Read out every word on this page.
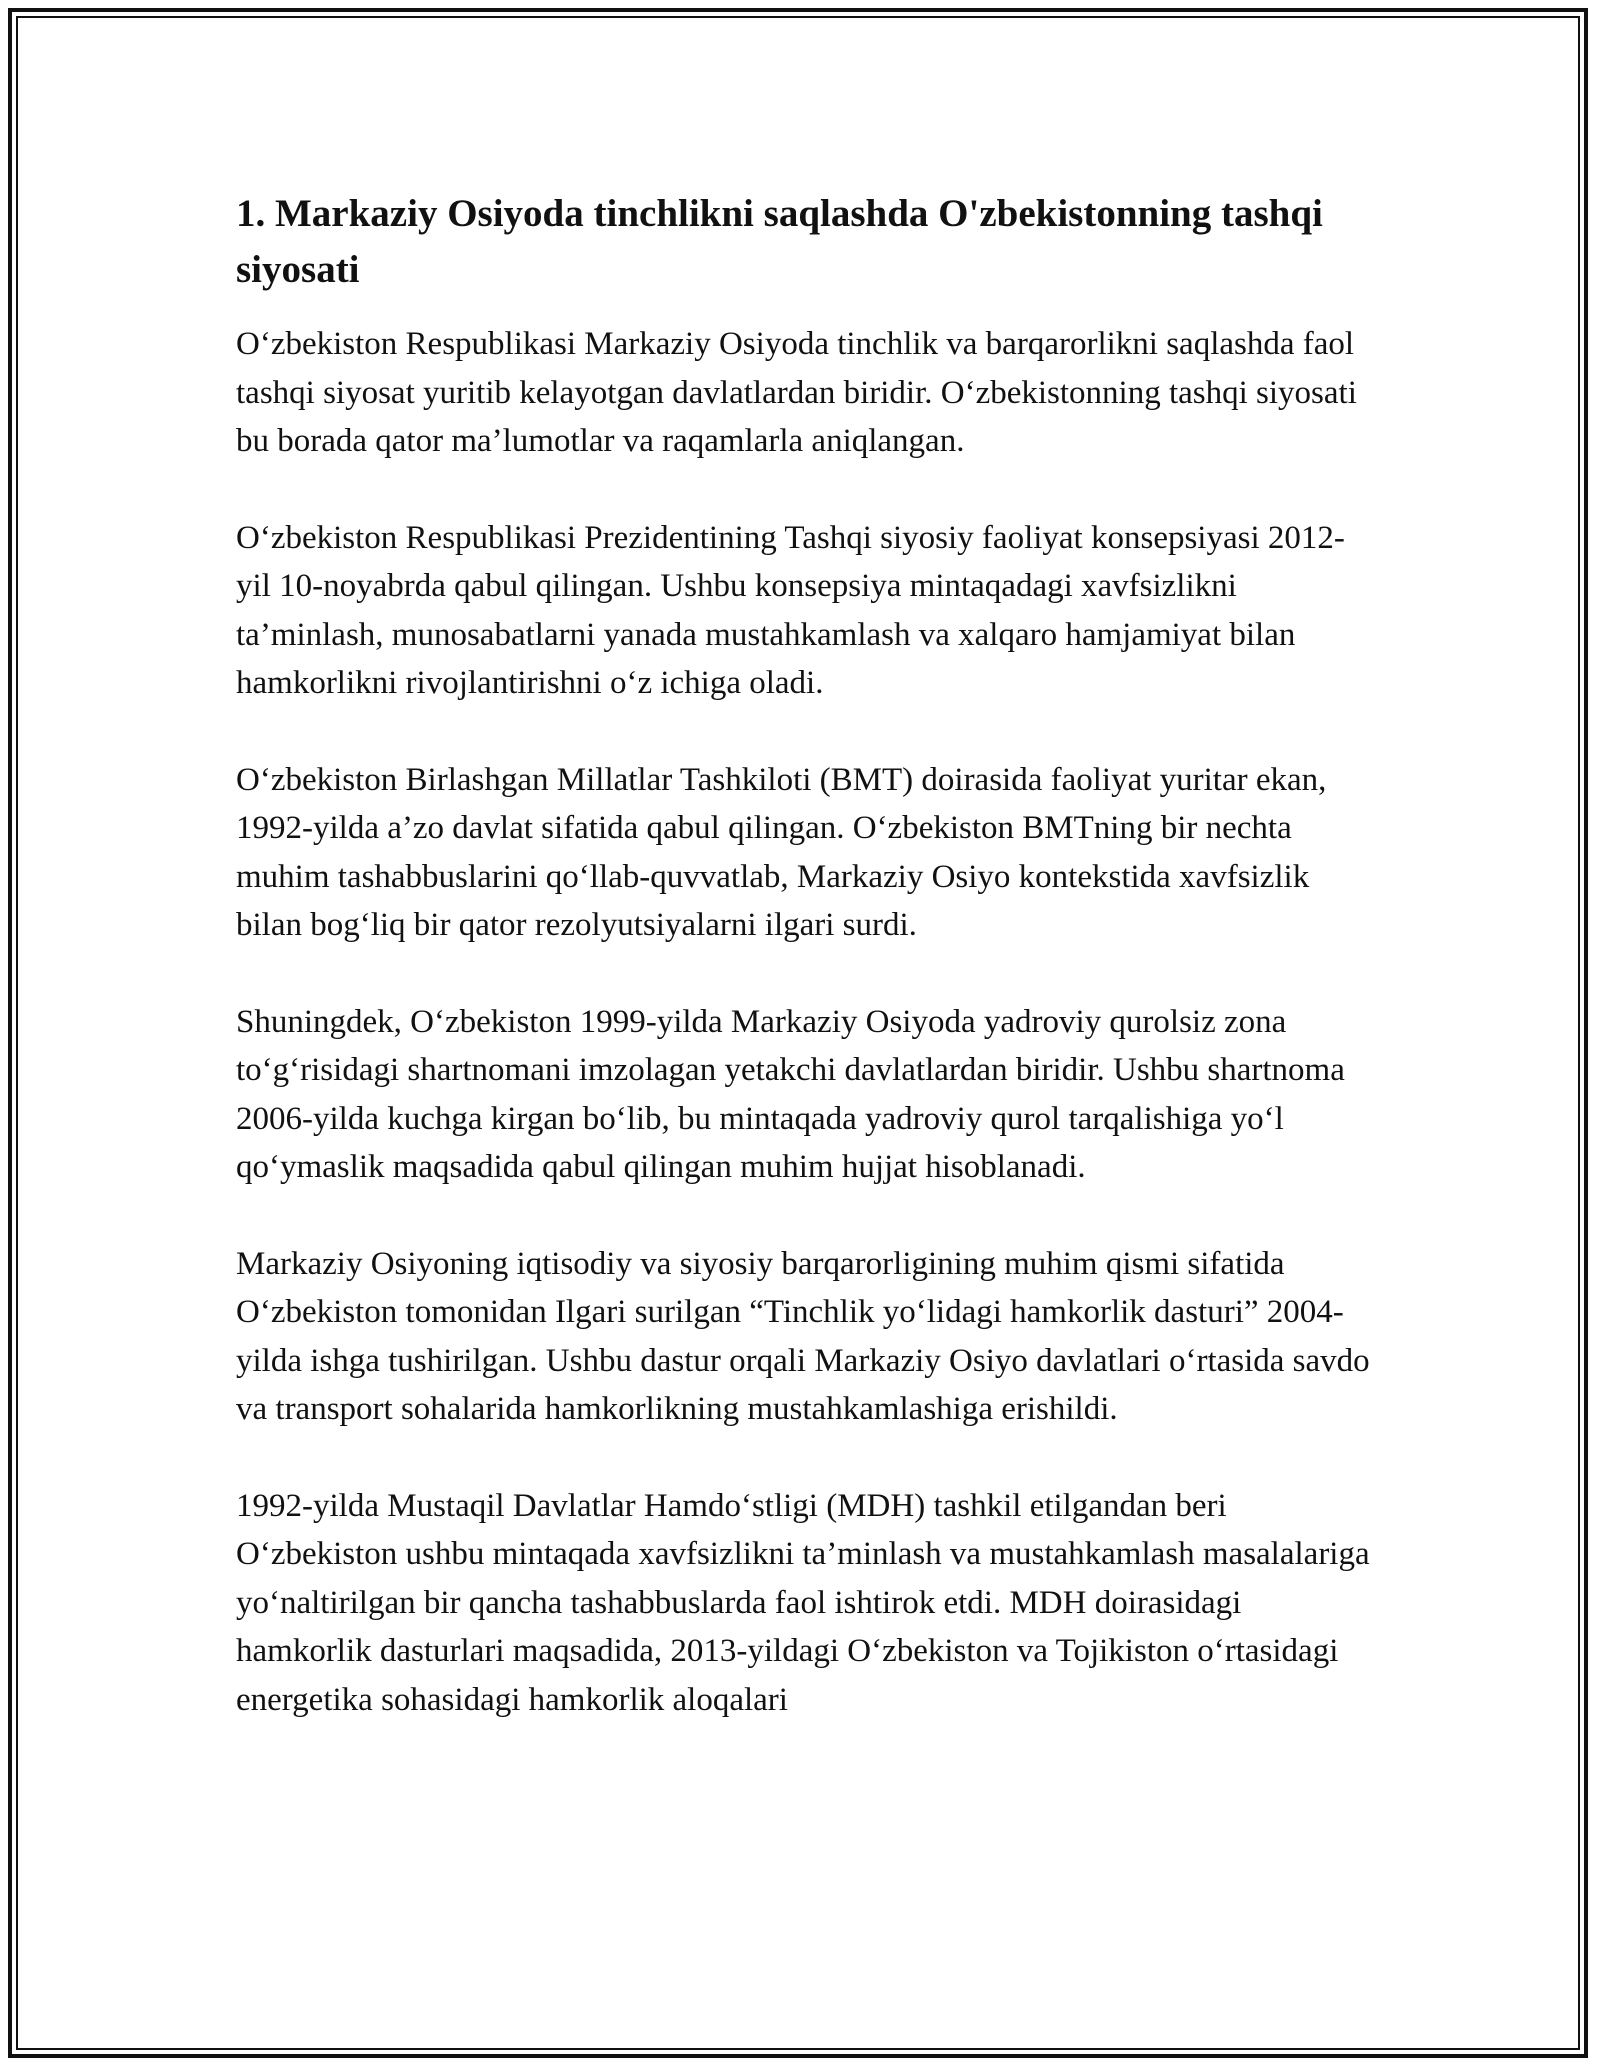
1. Markaziy Osiyoda tinchlikni saqlashda O'zbekistonning tashqi siyosati

O‘zbekiston Respublikasi Markaziy Osiyoda tinchlik va barqarorlikni saqlashda faol tashqi siyosat yuritib kelayotgan davlatlardan biridir. O‘zbekistonning tashqi siyosati bu borada qator ma’lumotlar va raqamlarla aniqlangan.

O‘zbekiston Respublikasi Prezidentining Tashqi siyosiy faoliyat konsepsiyasi 2012-yil 10-noyabrda qabul qilingan. Ushbu konsepsiya mintaqadagi xavfsizlikni ta’minlash, munosabatlarni yanada mustahkamlash va xalqaro hamjamiyat bilan hamkorlikni rivojlantirishni o‘z ichiga oladi.

O‘zbekiston Birlashgan Millatlar Tashkiloti (BMT) doirasida faoliyat yuritar ekan, 1992-yilda a’zo davlat sifatida qabul qilingan. O‘zbekiston BMTning bir nechta muhim tashabbuslarini qo‘llab-quvvatlab, Markaziy Osiyo kontekstida xavfsizlik bilan bog‘liq bir qator rezolyutsiyalarni ilgari surdi.

Shuningdek, O‘zbekiston 1999-yilda Markaziy Osiyoda yadroviy qurolsiz zona to‘g‘risidagi shartnomani imzolagan yetakchi davlatlardan biridir. Ushbu shartnoma 2006-yilda kuchga kirgan bo‘lib, bu mintaqada yadroviy qurol tarqalishiga yo‘l qo‘ymaslik maqsadida qabul qilingan muhim hujjat hisoblanadi.

Markaziy Osiyoning iqtisodiy va siyosiy barqarorligining muhim qismi sifatida O‘zbekiston tomonidan Ilgari surilgan “Tinchlik yo‘lidagi hamkorlik dasturi” 2004-yilda ishga tushirilgan. Ushbu dastur orqali Markaziy Osiyo davlatlari o‘rtasida savdo va transport sohalarida hamkorlikning mustahkamlashiga erishildi.

1992-yilda Mustaqil Davlatlar Hamdo‘stligi (MDH) tashkil etilgandan beri O‘zbekiston ushbu mintaqada xavfsizlikni ta’minlash va mustahkamlash masalalariga yo‘naltirilgan bir qancha tashabbuslarda faol ishtirok etdi. MDH doirasidagi hamkorlik dasturlari maqsadida, 2013-yildagi O‘zbekiston va Tojikiston o‘rtasidagi energetika sohasidagi hamkorlik aloqalari
